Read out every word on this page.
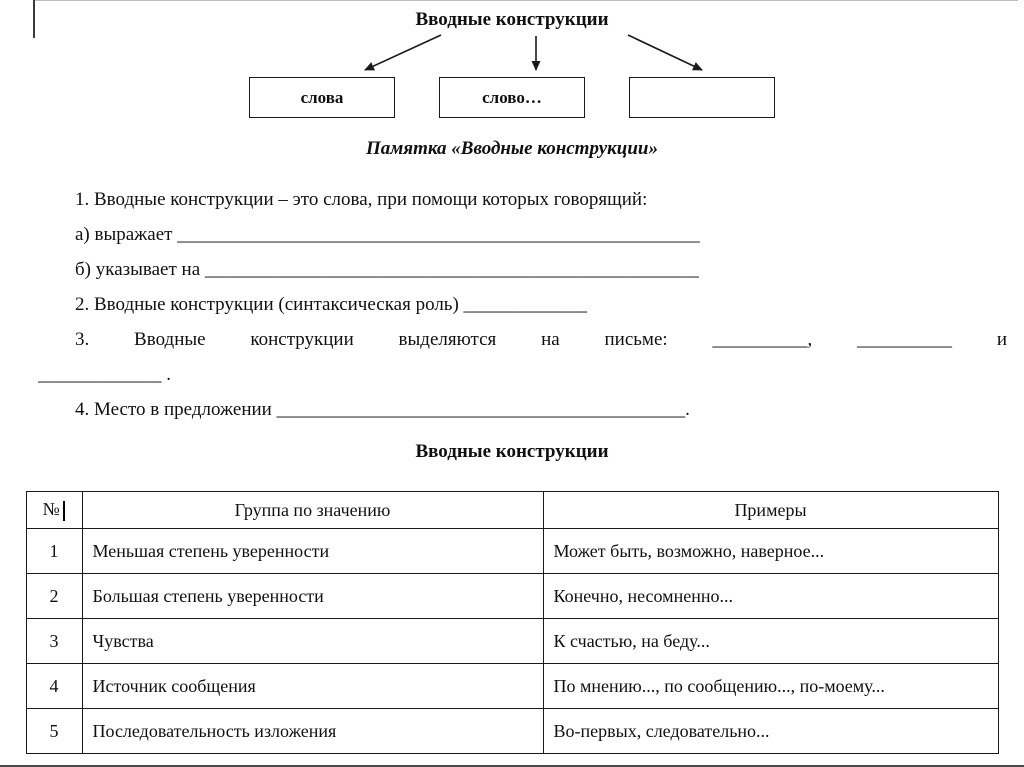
Вводные конструкции
слова	слово…
Памятка «Вводные конструкции»

1. Вводные конструкции – это слова, при помощи которых говорящий:

а) выражает _______________________________________________________

б) указывает на ____________________________________________________

2. Вводные конструкции (синтаксическая роль) _____________

3. Вводные конструкции выделяются на письме: __________, __________ и

_____________ .

4. Место в предложении ___________________________________________.

Вводные конструкции
№	Группа по значению	Примеры
1	Меньшая степень уверенности	Может быть, возможно, наверное...
2	Большая степень уверенности	Конечно, несомненно...
3	Чувства	К счастью, на беду...
4	Источник сообщения	По мнению..., по сообщению..., по-моему...
5	Последовательность изложения	Во-первых, следовательно...
